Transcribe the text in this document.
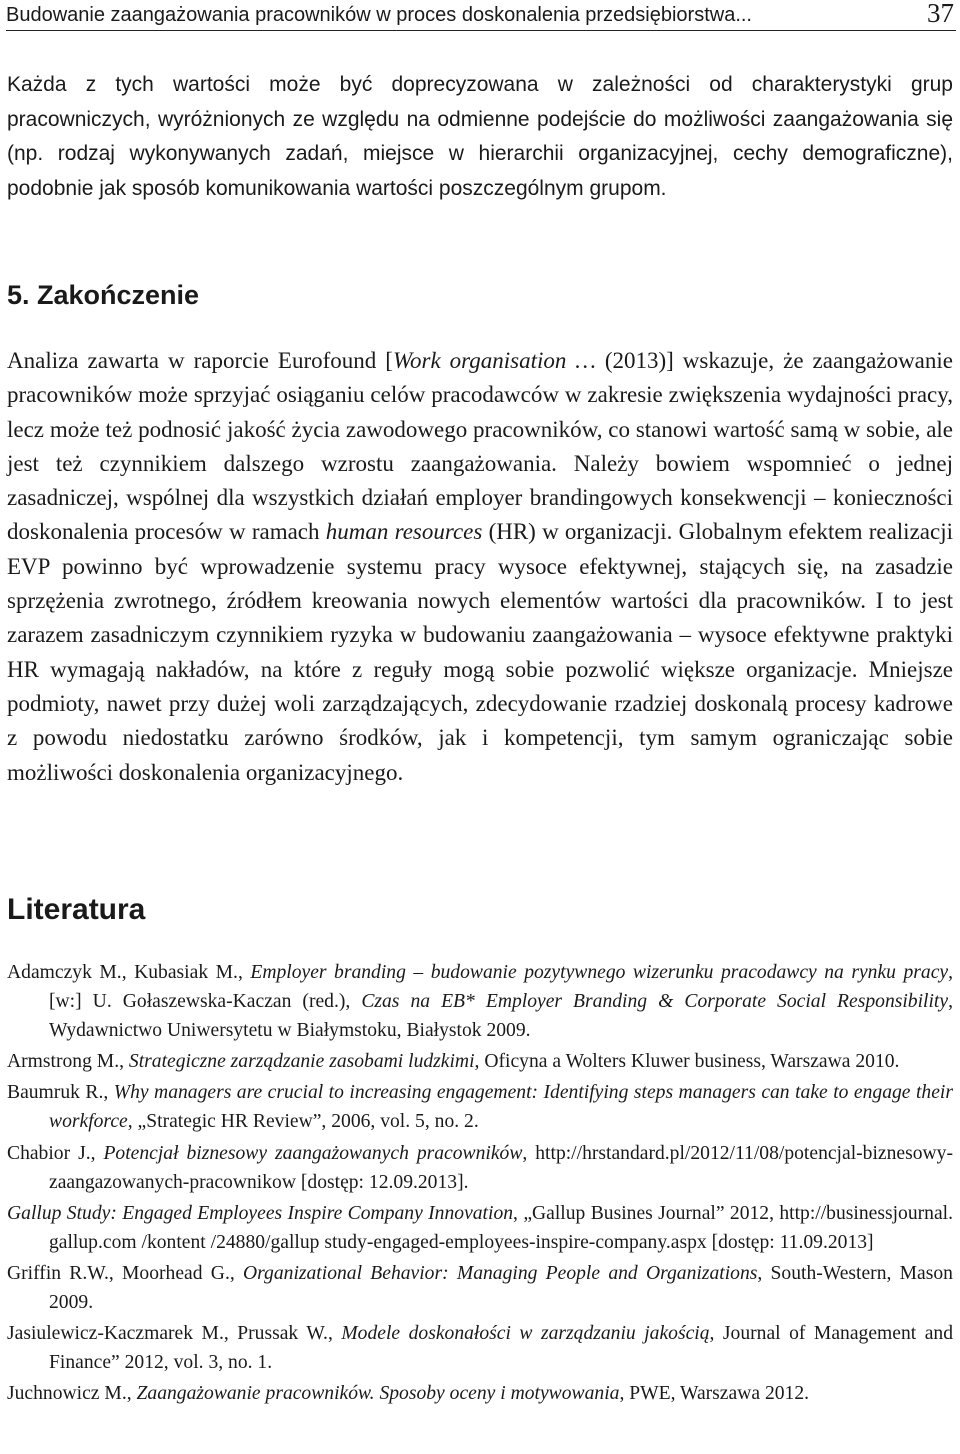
Budowanie zaangażowania pracowników w proces doskonalenia przedsiębiorstwa...	37

Każda z tych wartości może być doprecyzowana w zależności od charakterystyki grup pracowniczych, wyróżnionych ze względu na odmienne podejście do możliwości zaangażowania się (np. rodzaj wykonywanych zadań, miejsce w hierarchii organizacyjnej, cechy demograficzne), podobnie jak sposób komunikowania wartości poszczególnym grupom.

5. Zakończenie

Analiza zawarta w raporcie Eurofound [Work organisation … (2013)] wskazuje, że zaangażowanie pracowników może sprzyjać osiąganiu celów pracodawców w zakresie zwiększenia wydajności pracy, lecz może też podnosić jakość życia zawodowego pracowników, co stanowi wartość samą w sobie, ale jest też czynnikiem dalszego wzrostu zaangażowania. Należy bowiem wspomnieć o jednej zasadniczej, wspólnej dla wszystkich działań employer brandingowych konsekwencji – konieczności doskonalenia procesów w ramach human resources (HR) w organizacji. Globalnym efektem realizacji EVP powinno być wprowadzenie systemu pracy wysoce efektywnej, stających się, na zasadzie sprzężenia zwrotnego, źródłem kreowania nowych elementów wartości dla pracowników. I to jest zarazem zasadniczym czynnikiem ryzyka w budowaniu zaangażowania – wysoce efektywne praktyki HR wymagają nakładów, na które z reguły mogą sobie pozwolić większe organizacje. Mniejsze podmioty, nawet przy dużej woli zarządzających, zdecydowanie rzadziej doskonalą procesy kadrowe z powodu niedostatku zarówno środków, jak i kompetencji, tym samym ograniczając sobie możliwości doskonalenia organizacyjnego.

Literatura
Adamczyk M., Kubasiak M., Employer branding – budowanie pozytywnego wizerunku pracodawcy na rynku pracy, [w:] U. Gołaszewska-Kaczan (red.), Czas na EB* Employer Branding & Corporate Social Responsibility, Wydawnictwo Uniwersytetu w Białymstoku, Białystok 2009.
Armstrong M., Strategiczne zarządzanie zasobami ludzkimi, Oficyna a Wolters Kluwer business, Warszawa 2010.
Baumruk R., Why managers are crucial to increasing engagement: Identifying steps managers can take to engage their workforce, „Strategic HR Review”, 2006, vol. 5, no. 2.
Chabior J., Potencjał biznesowy zaangażowanych pracowników, http://hrstandard.pl/2012/11/08/potencjal-biznesowy-zaangazowanych-pracownikow [dostęp: 12.09.2013].
Gallup Study: Engaged Employees Inspire Company Innovation, „Gallup Busines Journal” 2012, http://businessjournal. gallup.com /kontent /24880/gallup study-engaged-employees-inspire-company.aspx [dostęp: 11.09.2013]
Griffin R.W., Moorhead G., Organizational Behavior: Managing People and Organizations, South-Western, Mason 2009.
Jasiulewicz-Kaczmarek M., Prussak W., Modele doskonałości w zarządzaniu jakością, Journal of Management and Finance” 2012, vol. 3, no. 1.
Juchnowicz M., Zaangażowanie pracowników. Sposoby oceny i motywowania, PWE, Warszawa 2012.
